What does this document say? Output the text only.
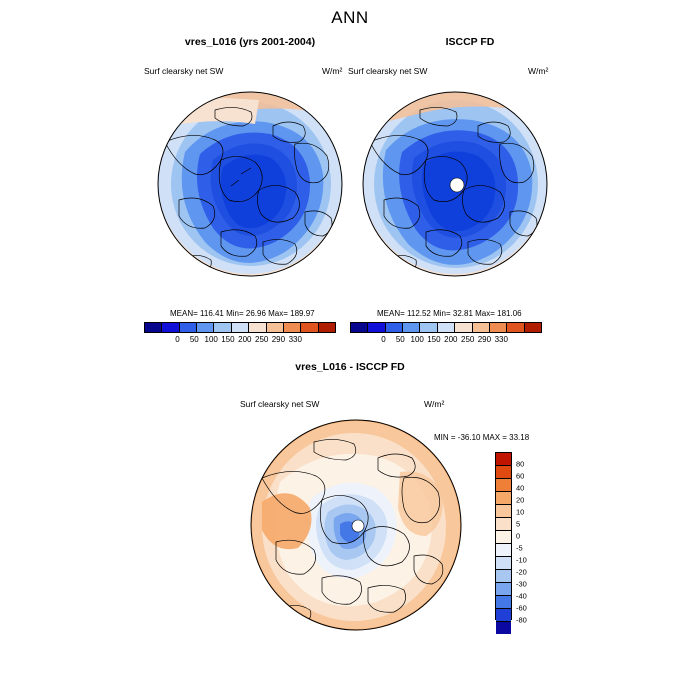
ANN
vres_L016 (yrs 2001-2004)
Surf clearsky net SW	W/m²
MEAN= 116.41 Min= 26.96 Max= 189.97
0 50 100 150 200 250 290 330
ISCCP FD
Surf clearsky net SW	W/m²
MEAN= 112.52 Min= 32.81 Max= 181.06
0 50 100 150 200 250 290 330
vres_L016 - ISCCP FD
Surf clearsky net SW	W/m²
MIN = -36.10 MAX = 33.18
80
60
40
20
10
5
0
-5
-10
-20
-30
-40
-60
-80
